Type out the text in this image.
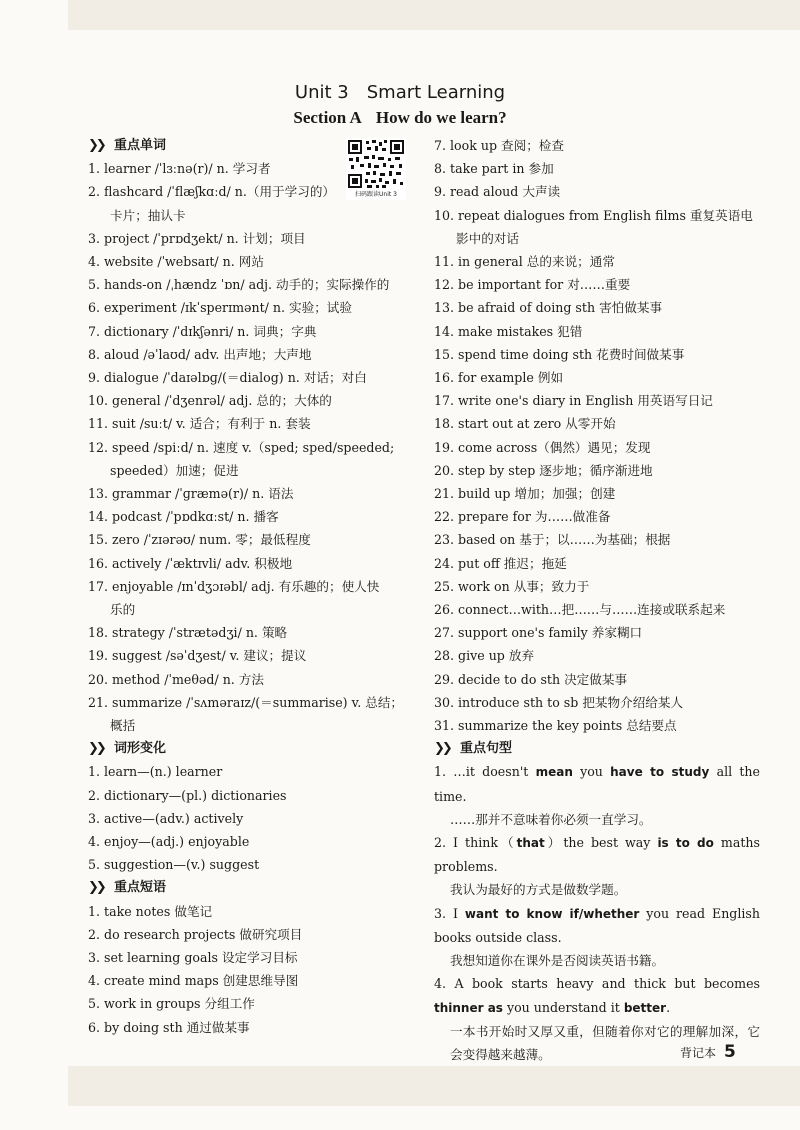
Unit 3 Smart Learning
Section A How do we learn?
扫码跟读Unit 3
❯❯ 重点单词
1. learner /ˈlɜːnə(r)/ n. 学习者
2. flashcard /ˈflæʃkɑːd/ n.（用于学习的）
卡片；抽认卡
3. project /ˈprɒdʒekt/ n. 计划；项目
4. website /ˈwebsaɪt/ n. 网站
5. hands-on /ˌhændz ˈɒn/ adj. 动手的；实际操作的
6. experiment /ɪkˈsperɪmənt/ n. 实验；试验
7. dictionary /ˈdɪkʃənri/ n. 词典；字典
8. aloud /əˈlaʊd/ adv. 出声地；大声地
9. dialogue /ˈdaɪəlɒɡ/(＝dialog) n. 对话；对白
10. general /ˈdʒenrəl/ adj. 总的；大体的
11. suit /suːt/ v. 适合；有利于 n. 套装
12. speed /spiːd/ n. 速度 v.（sped; sped/speeded;
speeded）加速；促进
13. grammar /ˈɡræmə(r)/ n. 语法
14. podcast /ˈpɒdkɑːst/ n. 播客
15. zero /ˈzɪərəʊ/ num. 零；最低程度
16. actively /ˈæktɪvli/ adv. 积极地
17. enjoyable /ɪnˈdʒɔɪəbl/ adj. 有乐趣的；使人快
乐的
18. strategy /ˈstrætədʒi/ n. 策略
19. suggest /səˈdʒest/ v. 建议；提议
20. method /ˈmeθəd/ n. 方法
21. summarize /ˈsʌməraɪz/(＝summarise) v. 总结；
概括
❯❯ 词形变化
1. learn—(n.) learner
2. dictionary—(pl.) dictionaries
3. active—(adv.) actively
4. enjoy—(adj.) enjoyable
5. suggestion—(v.) suggest
❯❯ 重点短语
1. take notes 做笔记
2. do research projects 做研究项目
3. set learning goals 设定学习目标
4. create mind maps 创建思维导图
5. work in groups 分组工作
6. by doing sth 通过做某事
7. look up 查阅；检查
8. take part in 参加
9. read aloud 大声读
10. repeat dialogues from English films 重复英语电
影中的对话
11. in general 总的来说；通常
12. be important for 对……重要
13. be afraid of doing sth 害怕做某事
14. make mistakes 犯错
15. spend time doing sth 花费时间做某事
16. for example 例如
17. write one's diary in English 用英语写日记
18. start out at zero 从零开始
19. come across（偶然）遇见；发现
20. step by step 逐步地；循序渐进地
21. build up 增加；加强；创建
22. prepare for 为……做准备
23. based on 基于；以……为基础；根据
24. put off 推迟；拖延
25. work on 从事；致力于
26. connect…with…把……与……连接或联系起来
27. support one's family 养家糊口
28. give up 放弃
29. decide to do sth 决定做某事
30. introduce sth to sb 把某物介绍给某人
31. summarize the key points 总结要点
❯❯ 重点句型
1. …it doesn't mean you have to study all the time.
……那并不意味着你必须一直学习。
2. I think（that）the best way is to do maths problems.
我认为最好的方式是做数学题。
3. I want to know if/whether you read English books outside class.
我想知道你在课外是否阅读英语书籍。
4. A book starts heavy and thick but becomes thinner as you understand it better.
一本书开始时又厚又重，但随着你对它的理解加深，它会变得越来越薄。	背记本 5
